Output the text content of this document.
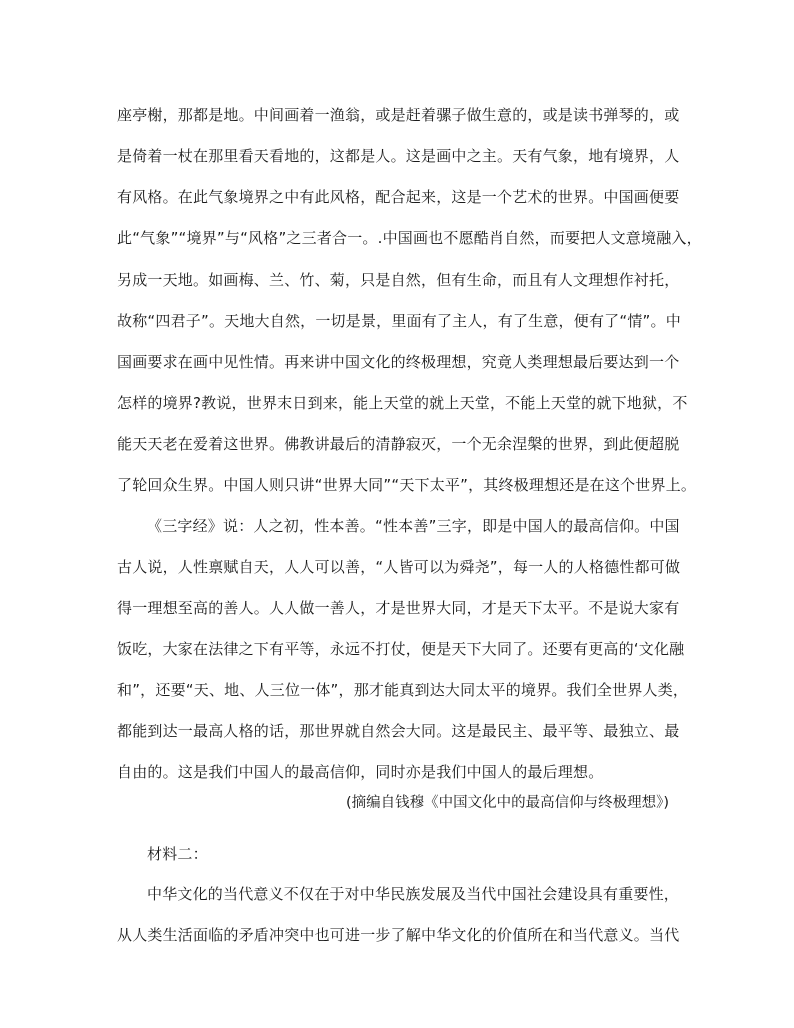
座亭榭，那都是地。中间画着一渔翁，或是赶着骡子做生意的，或是读书弹琴的，或
是倚着一杖在那里看天看地的，这都是人。这是画中之主。天有气象，地有境界，人
有风格。在此气象境界之中有此风格，配合起来，这是一个艺术的世界。中国画便要
此“气象”“境界”与“风格”之三者合一。.中国画也不愿酷肖自然，而要把人文意境融入，
另成一天地。如画梅、兰、竹、菊，只是自然，但有生命，而且有人文理想作衬托，
故称“四君子”。天地大自然，一切是景，里面有了主人，有了生意，便有了“情”。中
国画要求在画中见性情。再来讲中国文化的终极理想，究竟人类理想最后要达到一个
怎样的境界?教说，世界末日到来，能上天堂的就上天堂，不能上天堂的就下地狱，不
能天天老在爱着这世界。佛教讲最后的清静寂灭，一个无余涅槃的世界，到此便超脱
了轮回众生界。中国人则只讲“世界大同”“天下太平”，其终极理想还是在这个世界上。
《三字经》说：人之初，性本善。“性本善”三字，即是中国人的最高信仰。中国
古人说，人性禀赋自天，人人可以善，“人皆可以为舜尧”，每一人的人格德性都可做
得一理想至高的善人。人人做一善人，才是世界大同，才是天下太平。不是说大家有
饭吃，大家在法律之下有平等，永远不打仗，便是天下大同了。还要有更高的‘文化融
和”，还要“天、地、人三位一体”，那才能真到达大同太平的境界。我们全世界人类，
都能到达一最高人格的话，那世界就自然会大同。这是最民主、最平等、最独立、最
自由的。这是我们中国人的最高信仰，同时亦是我们中国人的最后理想。
(摘编自钱穆《中国文化中的最高信仰与终极理想》)
材料二：
中华文化的当代意义不仅在于对中华民族发展及当代中国社会建设具有重要性，
从人类生活面临的矛盾冲突中也可进一步了解中华文化的价值所在和当代意义。当代
